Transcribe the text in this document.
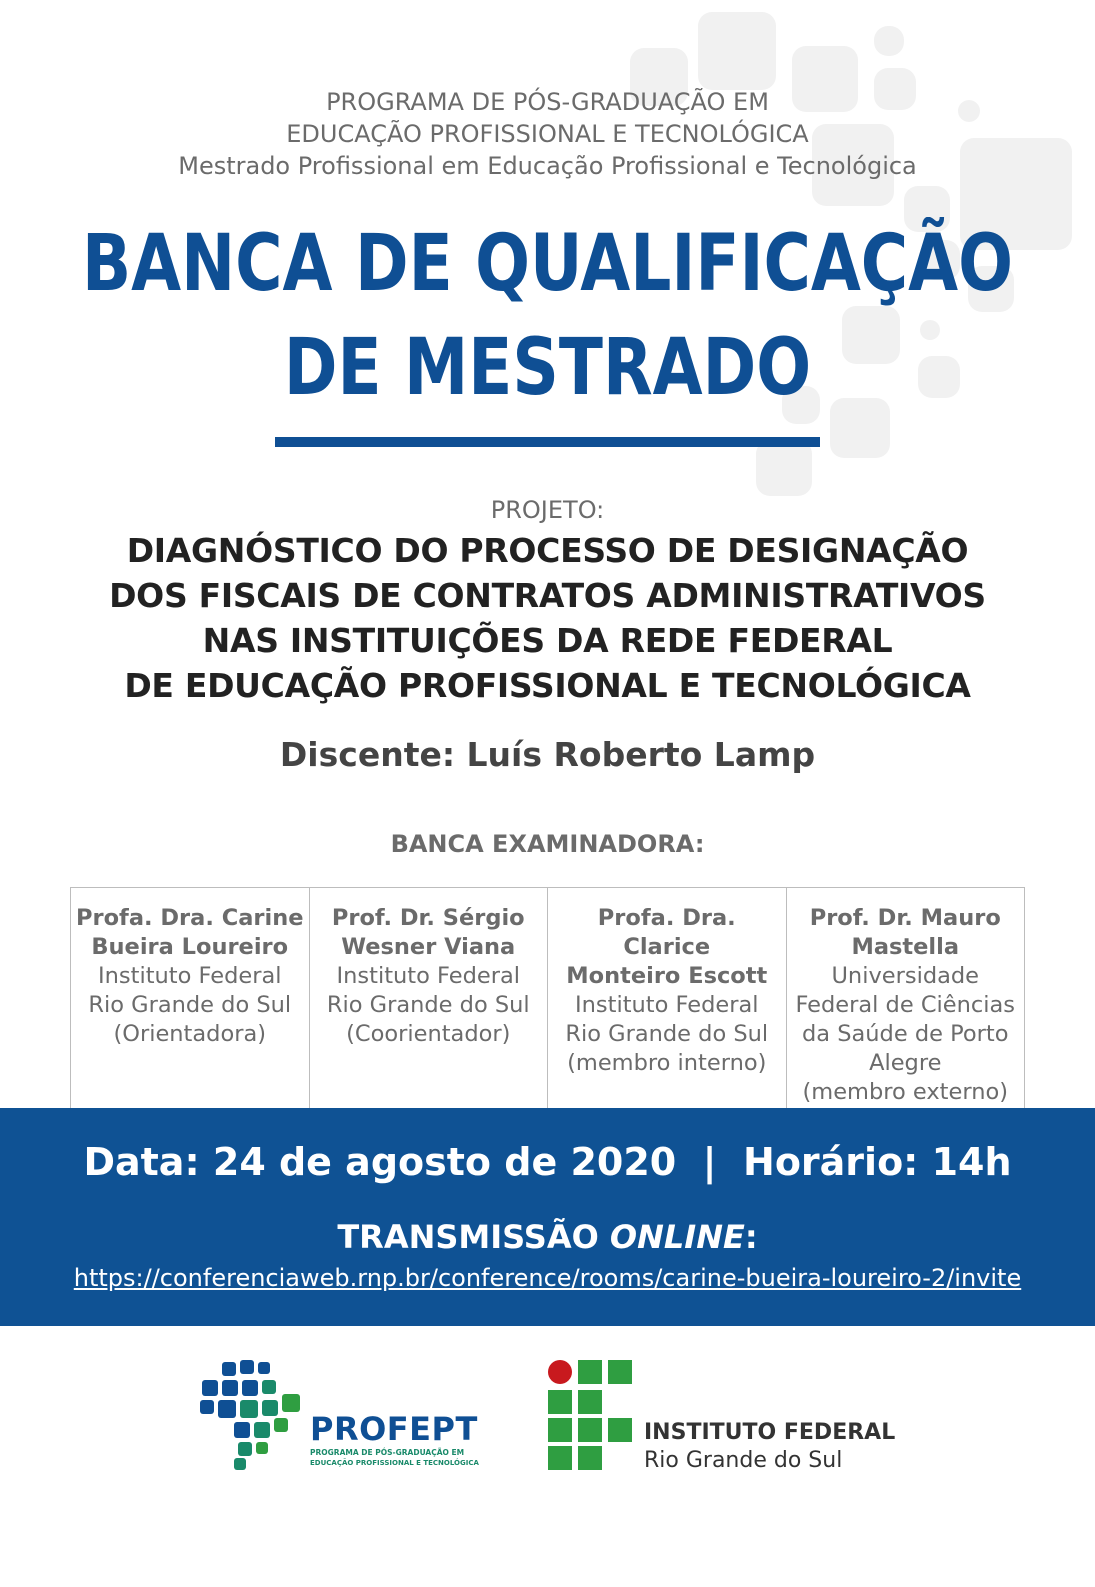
PROGRAMA DE PÓS-GRADUAÇÃO EM
EDUCAÇÃO PROFISSIONAL E TECNOLÓGICA
Mestrado Profissional em Educação Profissional e Tecnológica
BANCA DE QUALIFICAÇÃO
DE MESTRADO
PROJETO:
DIAGNÓSTICO DO PROCESSO DE DESIGNAÇÃO
DOS FISCAIS DE CONTRATOS ADMINISTRATIVOS
NAS INSTITUIÇÕES DA REDE FEDERAL
DE EDUCAÇÃO PROFISSIONAL E TECNOLÓGICA
Discente: Luís Roberto Lamp
BANCA EXAMINADORA:
Profa. Dra. Carine
Bueira Loureiro
Instituto Federal
Rio Grande do Sul
(Orientadora)
Prof. Dr. Sérgio
Wesner Viana
Instituto Federal
Rio Grande do Sul
(Coorientador)
Profa. Dra. Clarice
Monteiro Escott
Instituto Federal
Rio Grande do Sul
(membro interno)
Prof. Dr. Mauro
Mastella
Universidade
Federal de Ciências
da Saúde de Porto
Alegre
(membro externo)
Data: 24 de agosto de 2020  |  Horário: 14h
TRANSMISSÃO ONLINE:
https://conferenciaweb.rnp.br/conference/rooms/carine-bueira-loureiro-2/invite
PROFEPT
PROGRAMA DE PÓS-GRADUAÇÃO EM
EDUCAÇÃO PROFISSIONAL E TECNOLÓGICA
INSTITUTO FEDERAL
Rio Grande do Sul
